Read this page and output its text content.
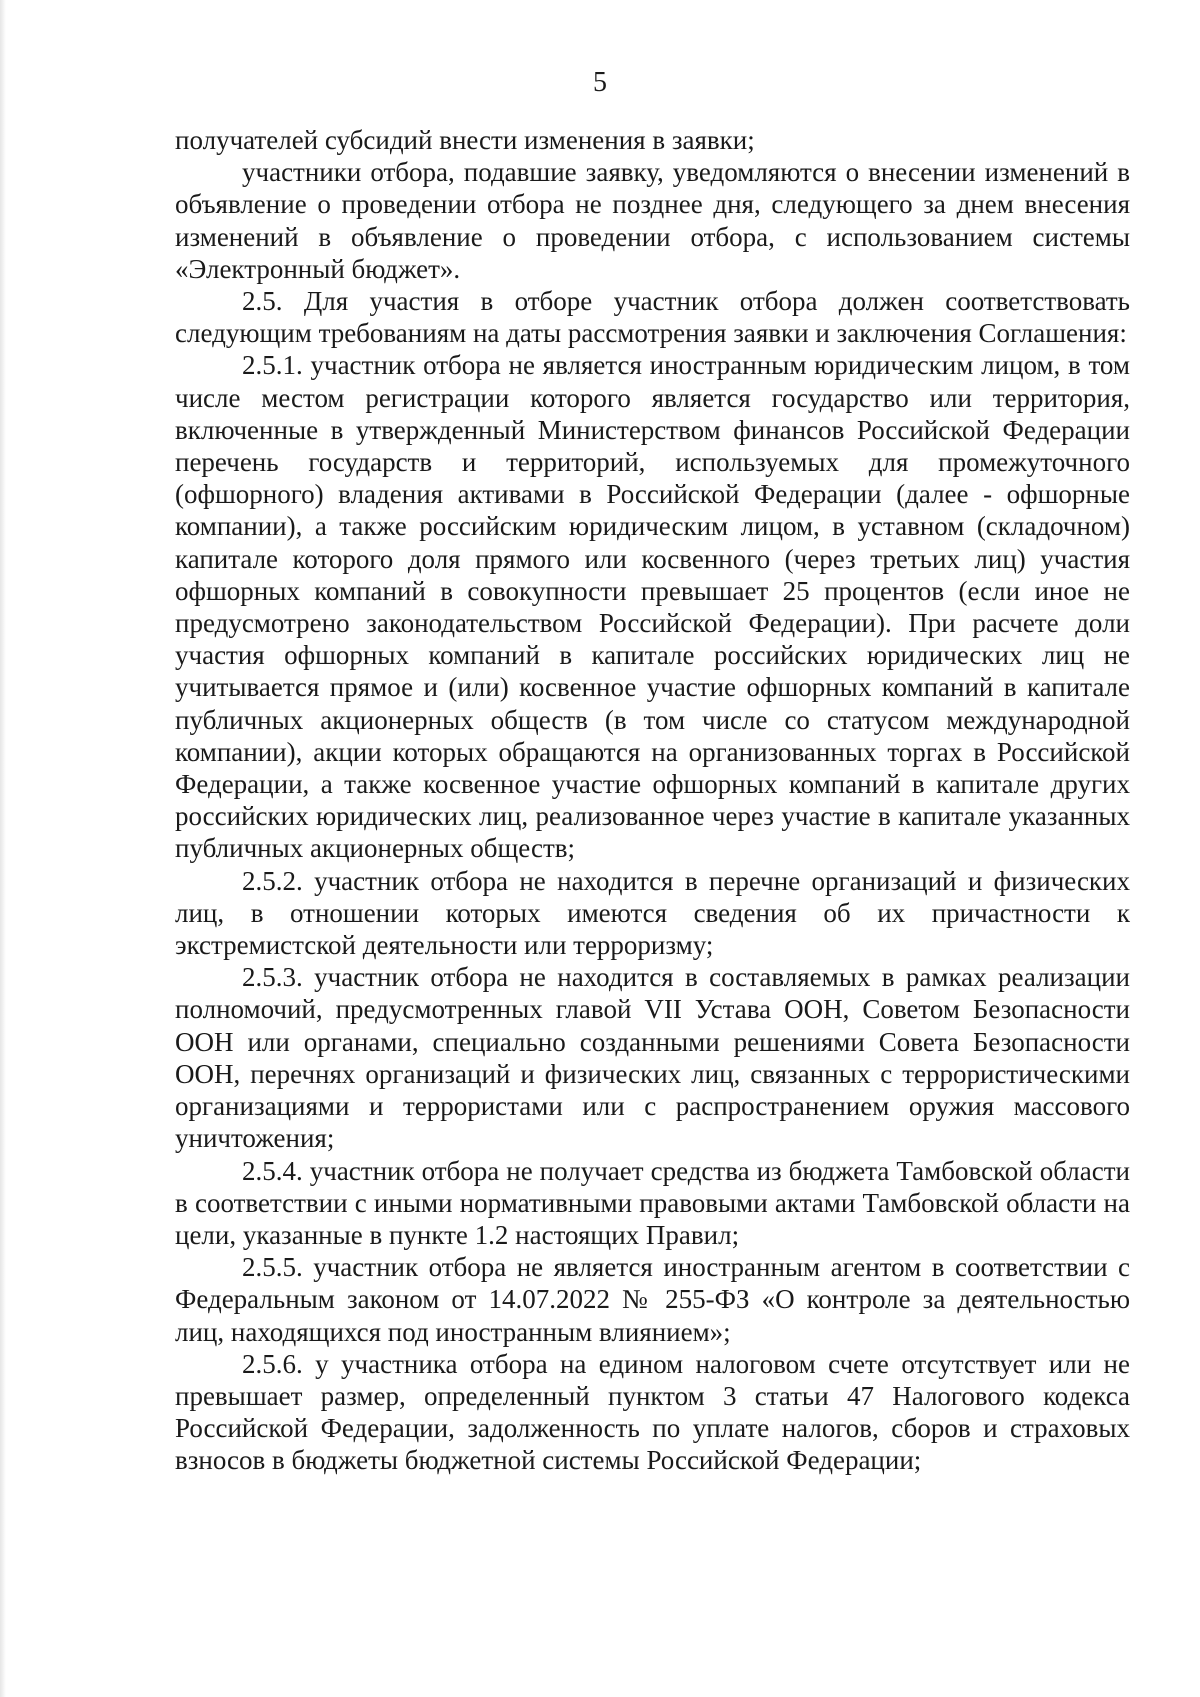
5

получателей субсидий внести изменения в заявки;

участники отбора, подавшие заявку, уведомляются о внесении изменений в объявление о проведении отбора не позднее дня, следующего за днем внесения изменений в объявление о проведении отбора, с использованием системы «Электронный бюджет».

2.5. Для участия в отборе участник отбора должен соответствовать следующим требованиям на даты рассмотрения заявки и заключения Соглашения:

2.5.1. участник отбора не является иностранным юридическим лицом, в том числе местом регистрации которого является государство или территория, включенные в утвержденный Министерством финансов Российской Федерации перечень государств и территорий, используемых для промежуточного (офшорного) владения активами в Российской Федерации (далее - офшорные компании), а также российским юридическим лицом, в уставном (складочном) капитале которого доля прямого или косвенного (через третьих лиц) участия офшорных компаний в совокупности превышает 25 процентов (если иное не предусмотрено законодательством Российской Федерации). При расчете доли участия офшорных компаний в капитале российских юридических лиц не учитывается прямое и (или) косвенное участие офшорных компаний в капитале публичных акционерных обществ (в том числе со статусом международной компании), акции которых обращаются на организованных торгах в Российской Федерации, а также косвенное участие офшорных компаний в капитале других российских юридических лиц, реализованное через участие в капитале указанных публичных акционерных обществ;

2.5.2. участник отбора не находится в перечне организаций и физических лиц, в отношении которых имеются сведения об их причастности к экстремистской деятельности или терроризму;

2.5.3. участник отбора не находится в составляемых в рамках реализации полномочий, предусмотренных главой VII Устава ООН, Советом Безопасности ООН или органами, специально созданными решениями Совета Безопасности ООН, перечнях организаций и физических лиц, связанных с террористическими организациями и террористами или с распространением оружия массового уничтожения;

2.5.4. участник отбора не получает средства из бюджета Тамбовской области в соответствии с иными нормативными правовыми актами Тамбовской области на цели, указанные в пункте 1.2 настоящих Правил;

2.5.5. участник отбора не является иностранным агентом в соответствии с Федеральным законом от 14.07.2022 № 255-ФЗ «О контроле за деятельностью лиц, находящихся под иностранным влиянием»;

2.5.6. у участника отбора на едином налоговом счете отсутствует или не превышает размер, определенный пунктом 3 статьи 47 Налогового кодекса Российской Федерации, задолженность по уплате налогов, сборов и страховых взносов в бюджеты бюджетной системы Российской Федерации;
